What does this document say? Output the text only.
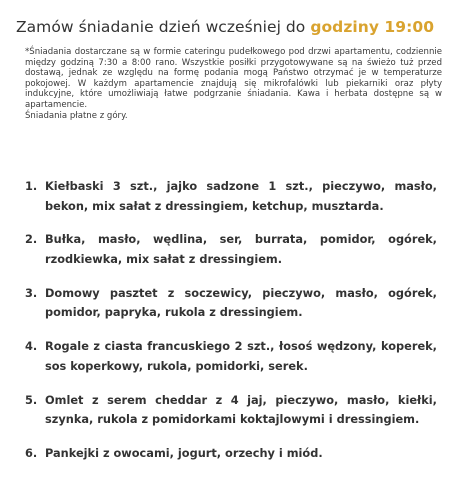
Zamów śniadanie dzień wcześniej do godziny 19:00

*Śniadania dostarczane są w formie cateringu pudełkowego pod drzwi apartamentu, codziennie między godziną 7:30 a 8:00 rano. Wszystkie posiłki przygotowywane są na świeżo tuż przed dostawą, jednak ze względu na formę podania mogą Państwo otrzymać je w temperaturze pokojowej. W każdym apartamencie znajdują się mikrofalówki lub piekarniki oraz płyty indukcyjne, które umożliwiają łatwe podgrzanie śniadania. Kawa i herbata dostępne są w apartamencie.

Śniadania płatne z góry.

1. Kiełbaski 3 szt., jajko sadzone 1 szt., pieczywo, masło, bekon, mix sałat z dressingiem, ketchup, musztarda.
2. Bułka, masło, wędlina, ser, burrata, pomidor, ogórek, rzodkiewka, mix sałat z dressingiem.
3. Domowy pasztet z soczewicy, pieczywo, masło, ogórek, pomidor, papryka, rukola z dressingiem.
4. Rogale z ciasta francuskiego 2 szt., łosoś wędzony, koperek, sos koperkowy, rukola, pomidorki, serek.
5. Omlet z serem cheddar z 4 jaj, pieczywo, masło, kiełki, szynka, rukola z pomidorkami koktajlowymi i dressingiem.
6. Pankejki z owocami, jogurt, orzechy i miód.
